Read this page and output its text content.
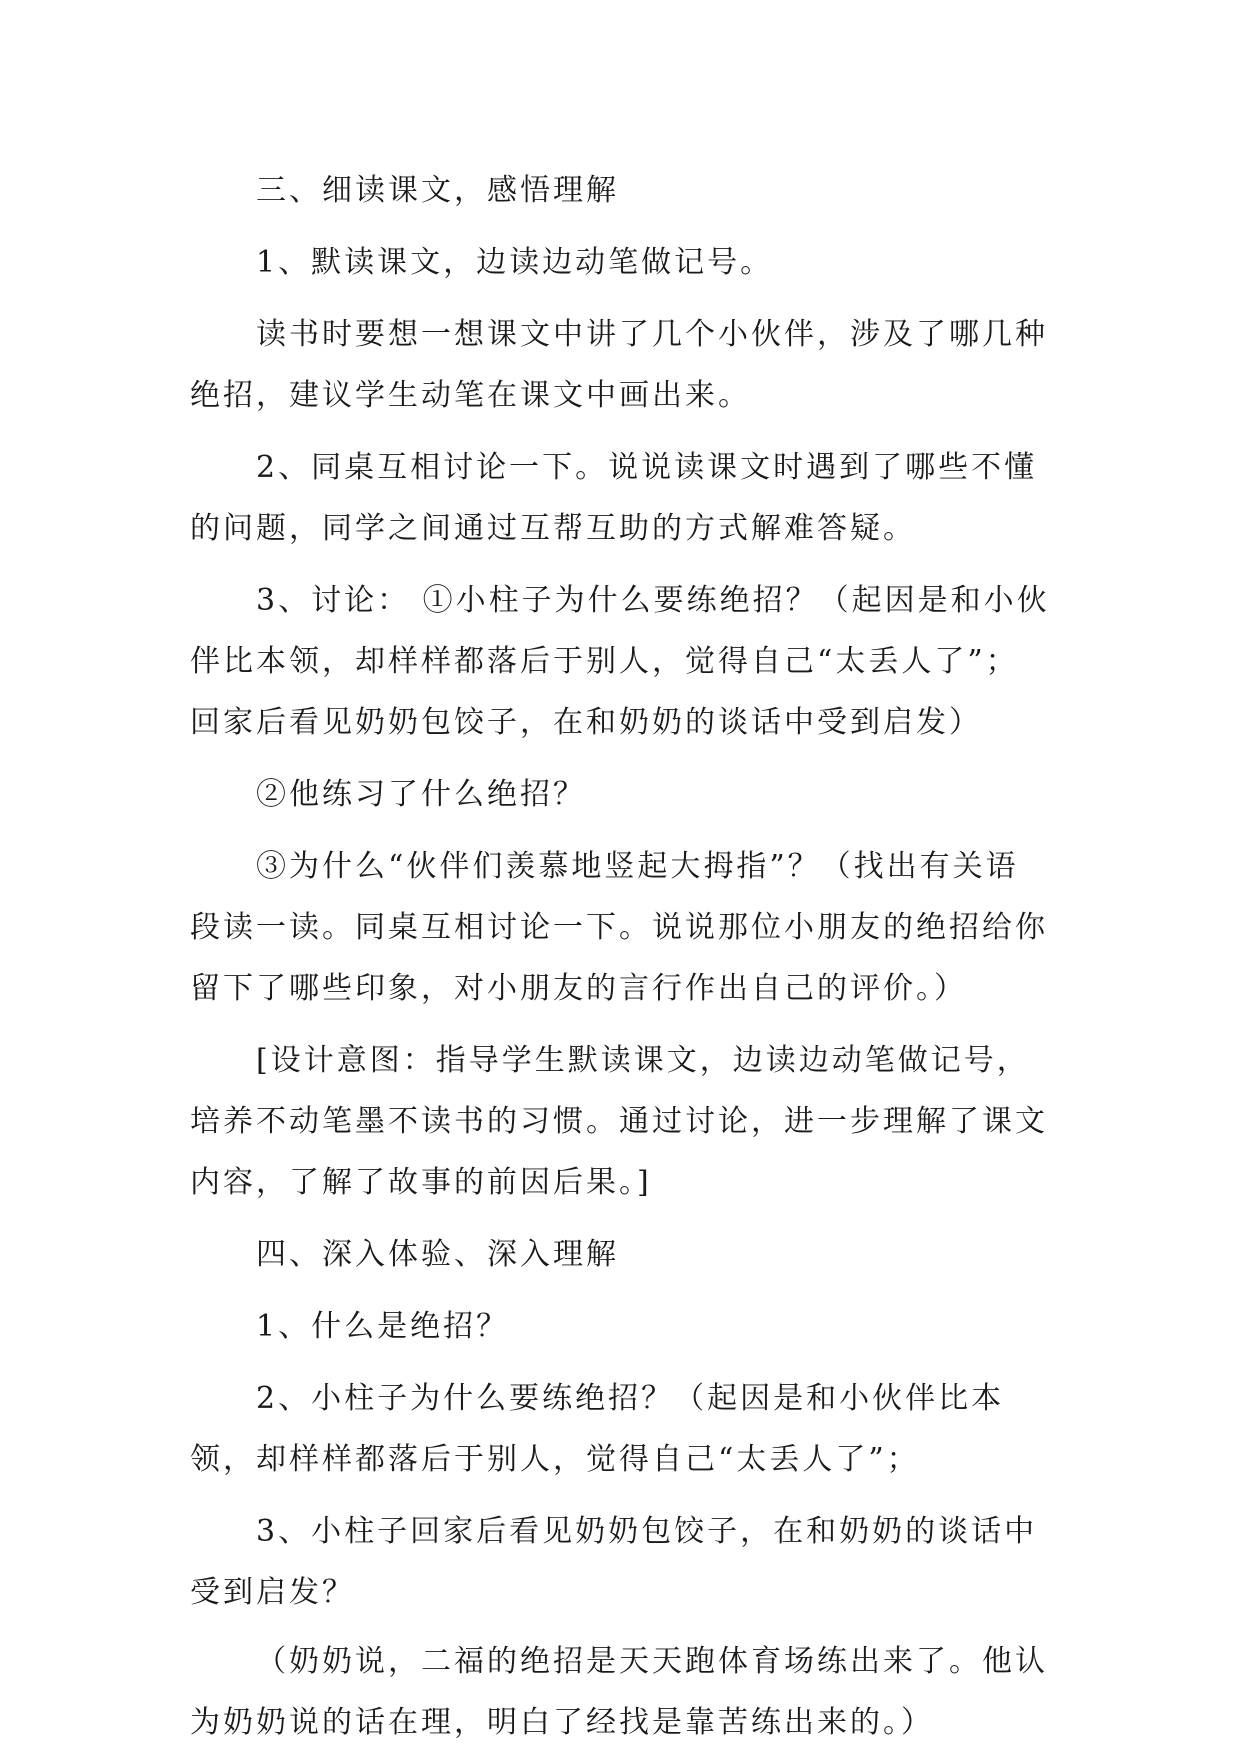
三、细读课文，感悟理解

1、默读课文，边读边动笔做记号。

读书时要想一想课文中讲了几个小伙伴，涉及了哪几种绝招，建议学生动笔在课文中画出来。

2、同桌互相讨论一下。说说读课文时遇到了哪些不懂的问题，同学之间通过互帮互助的方式解难答疑。

3、讨论： ①小柱子为什么要练绝招？（起因是和小伙伴比本领，却样样都落后于别人，觉得自己“太丢人了”；回家后看见奶奶包饺子，在和奶奶的谈话中受到启发）

②他练习了什么绝招？

③为什么“伙伴们羡慕地竖起大拇指”？（找出有关语段读一读。同桌互相讨论一下。说说那位小朋友的绝招给你留下了哪些印象，对小朋友的言行作出自己的评价。）

[设计意图：指导学生默读课文，边读边动笔做记号，培养不动笔墨不读书的习惯。通过讨论，进一步理解了课文内容，了解了故事的前因后果。]

四、深入体验、深入理解

1、什么是绝招？

2、小柱子为什么要练绝招？（起因是和小伙伴比本领，却样样都落后于别人，觉得自己“太丢人了”；

3、小柱子回家后看见奶奶包饺子，在和奶奶的谈话中受到启发？

（奶奶说，二福的绝招是天天跑体育场练出来了。他认为奶奶说的话在理，明白了经找是靠苦练出来的。）
